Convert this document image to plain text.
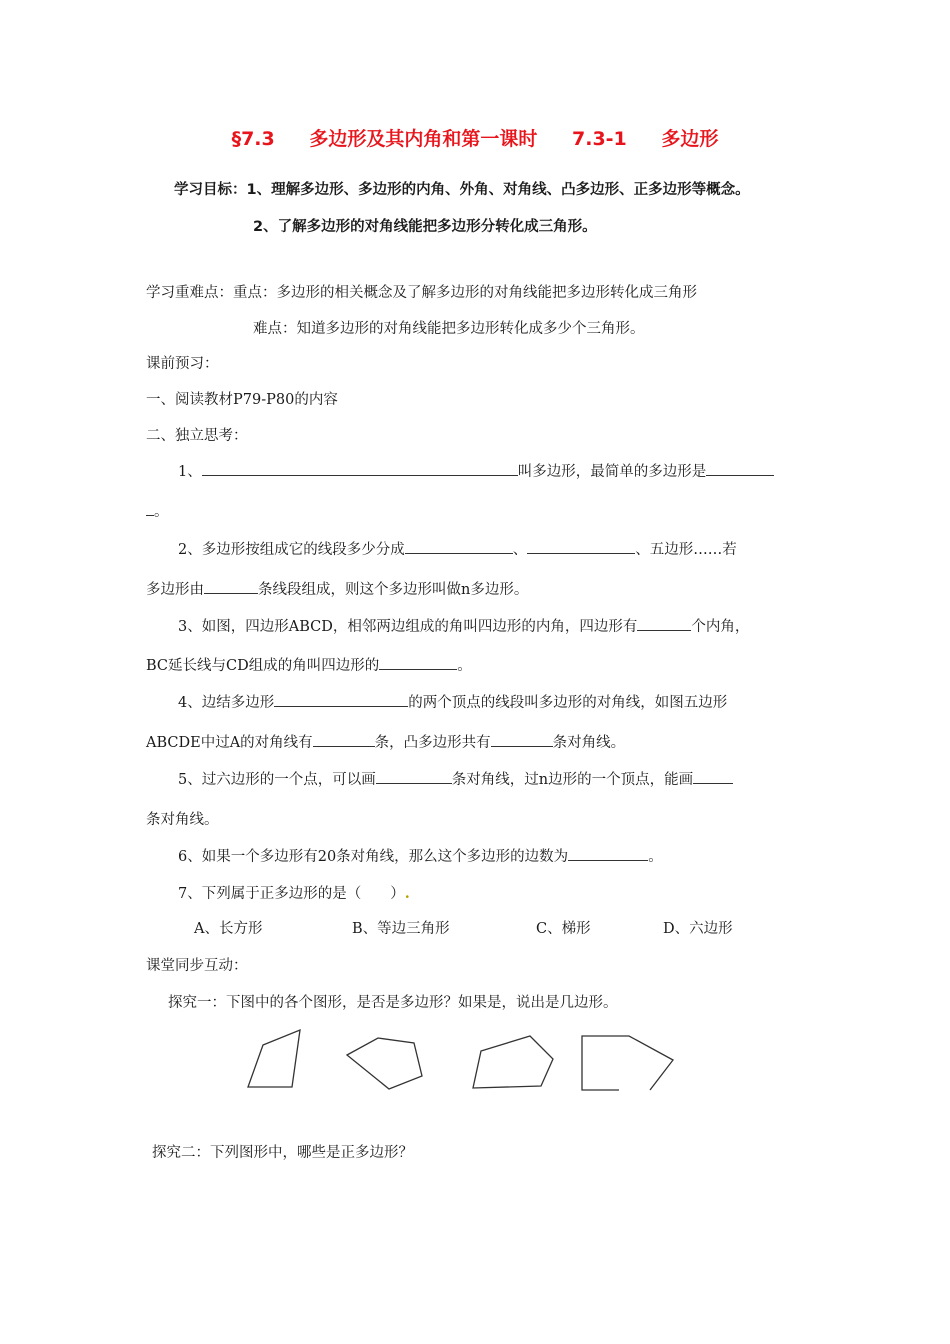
§7.3 多边形及其内角和第一课时 7.3-1 多边形
学习目标：1、理解多边形、多边形的内角、外角、对角线、凸多边形、正多边形等概念。
2、了解多边形的对角线能把多边形分转化成三角形。
学习重难点：重点：多边形的相关概念及了解多边形的对角线能把多边形转化成三角形
难点：知道多边形的对角线能把多边形转化成多少个三角形。
课前预习：
一、阅读教材P79-P80的内容
二、独立思考：
1、	叫多边形，最简单的多边形是
。
2、多边形按组成它的线段多少分成	、	、五边形……若
多边形由	条线段组成，则这个多边形叫做n多边形。
3、如图，四边形ABCD，相邻两边组成的角叫四边形的内角，四边形有	个内角，
BC延长线与CD组成的角叫四边形的	。
4、边结多边形	的两个顶点的线段叫多边形的对角线，如图五边形
ABCDE中过A的对角线有	条，凸多边形共有	条对角线。
5、过六边形的一个点，可以画	条对角线，过n边形的一个顶点，能画
条对角线。
6、如果一个多边形有20条对角线，那么这个多边形的边数为	。
7、下列属于正多边形的是（　　）.
A、长方形	B、等边三角形	C、梯形	D、六边形
课堂同步互动：
探究一：下图中的各个图形，是否是多边形？如果是，说出是几边形。
探究二：下列图形中，哪些是正多边形？
